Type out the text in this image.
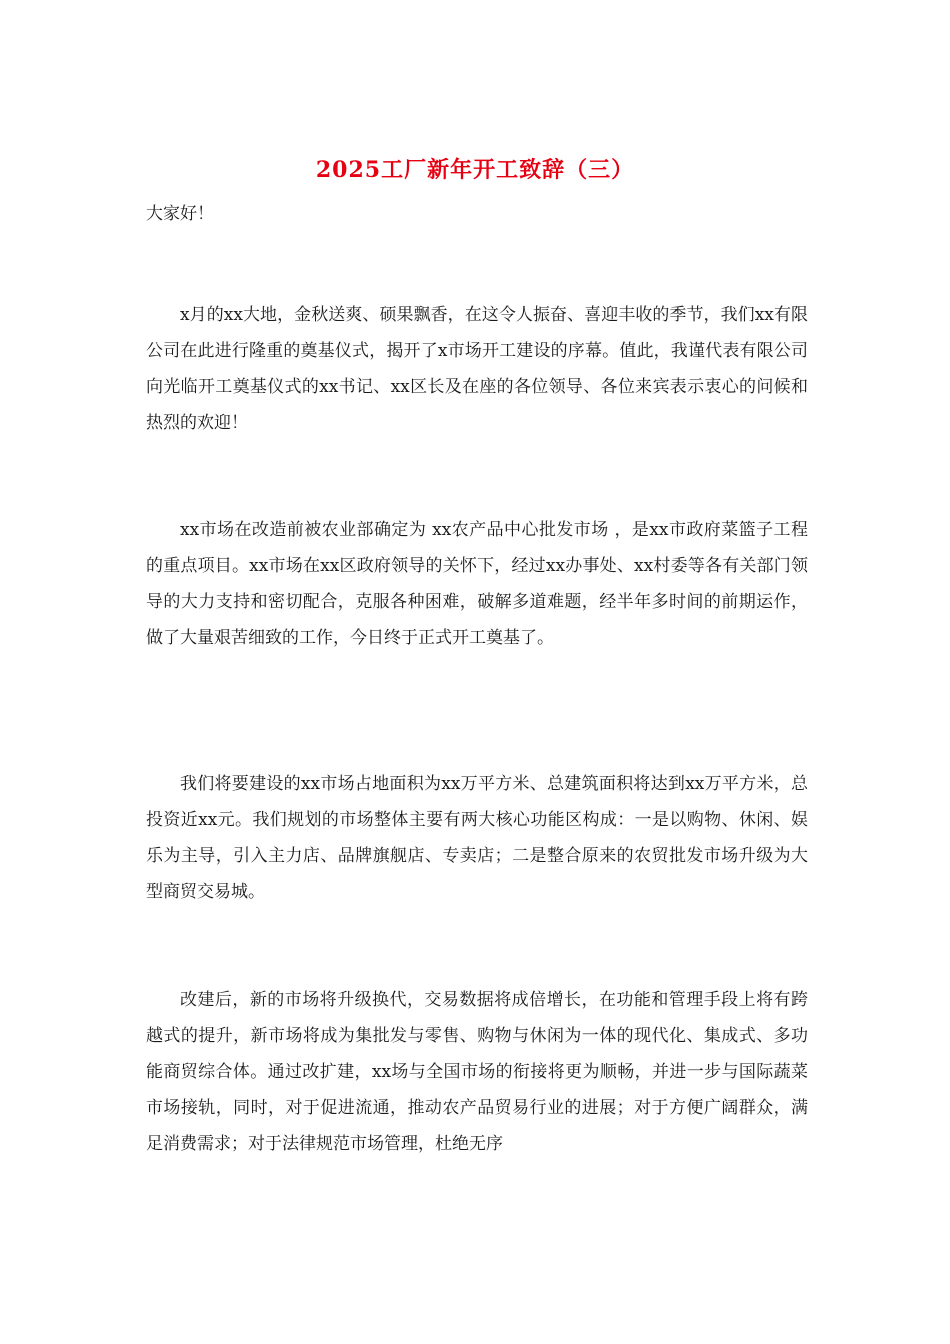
2025工厂新年开工致辞（三）

大家好！

x月的xx大地，金秋送爽、硕果飘香，在这令人振奋、喜迎丰收的季节，我们xx有限公司在此进行隆重的奠基仪式，揭开了x市场开工建设的序幕。值此，我谨代表有限公司向光临开工奠基仪式的xx书记、xx区长及在座的各位领导、各位来宾表示衷心的问候和热烈的欢迎！

xx市场在改造前被农业部确定为 xx农产品中心批发市场 ，是xx市政府菜篮子工程的重点项目。xx市场在xx区政府领导的关怀下，经过xx办事处、xx村委等各有关部门领导的大力支持和密切配合，克服各种困难，破解多道难题，经半年多时间的前期运作，做了大量艰苦细致的工作，今日终于正式开工奠基了。

我们将要建设的xx市场占地面积为xx万平方米、总建筑面积将达到xx万平方米，总投资近xx元。我们规划的市场整体主要有两大核心功能区构成：一是以购物、休闲、娱乐为主导，引入主力店、品牌旗舰店、专卖店；二是整合原来的农贸批发市场升级为大型商贸交易城。

改建后，新的市场将升级换代，交易数据将成倍增长，在功能和管理手段上将有跨越式的提升，新市场将成为集批发与零售、购物与休闲为一体的现代化、集成式、多功能商贸综合体。通过改扩建，xx场与全国市场的衔接将更为顺畅，并进一步与国际蔬菜市场接轨，同时，对于促进流通，推动农产品贸易行业的进展；对于方便广阔群众，满足消费需求；对于法律规范市场管理，杜绝无序
